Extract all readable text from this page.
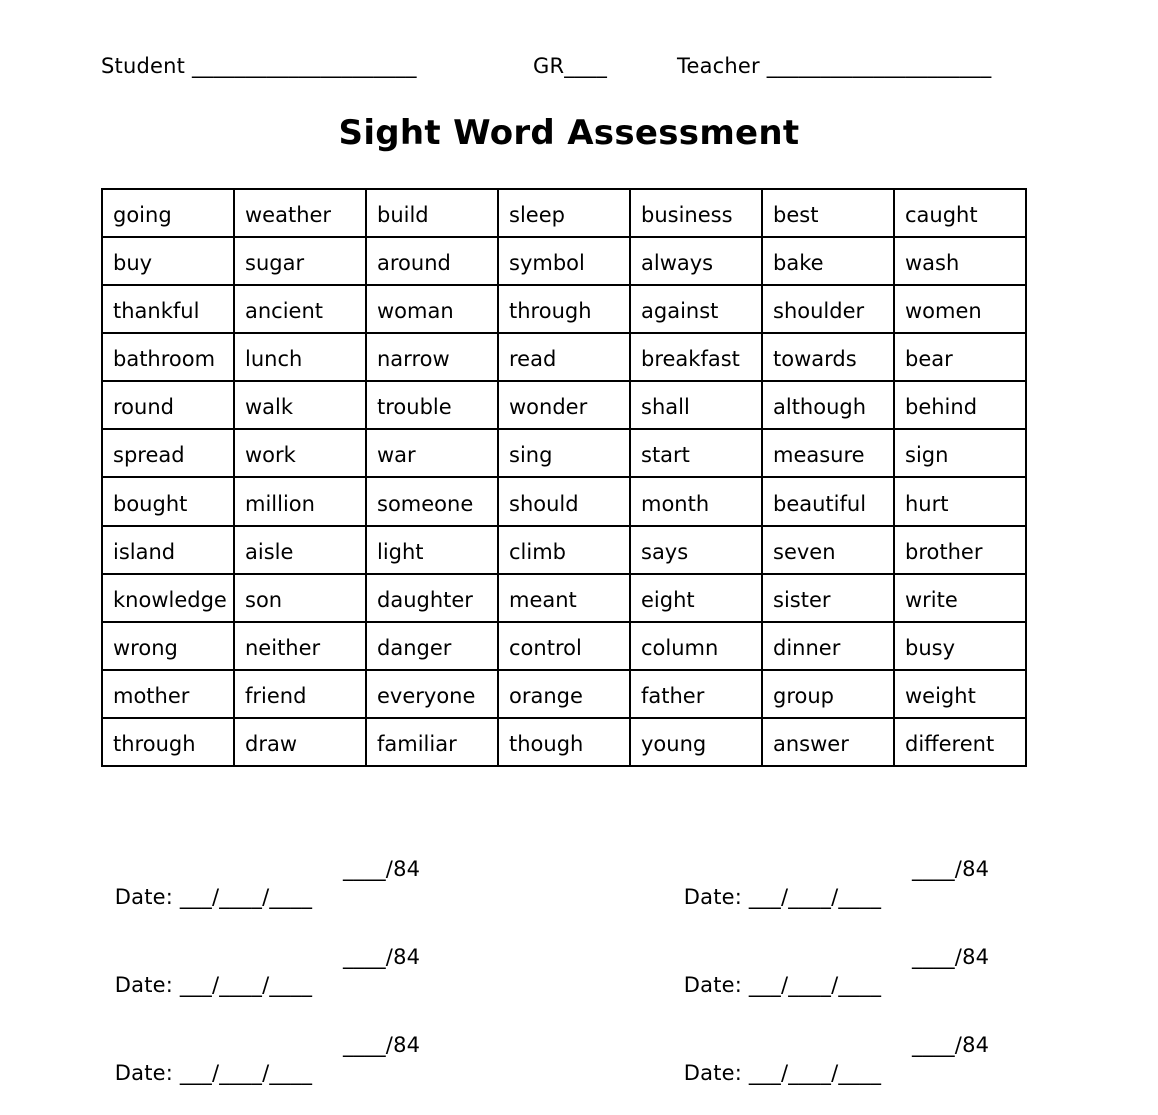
Student _____________________	GR____	Teacher _____________________
Sight Word Assessment
going	weather	build	sleep	business	best	caught
buy	sugar	around	symbol	always	bake	wash
thankful	ancient	woman	through	against	shoulder	women
bathroom	lunch	narrow	read	breakfast	towards	bear
round	walk	trouble	wonder	shall	although	behind
spread	work	war	sing	start	measure	sign
bought	million	someone	should	month	beautiful	hurt
island	aisle	light	climb	says	seven	brother
knowledge	son	daughter	meant	eight	sister	write
wrong	neither	danger	control	column	dinner	busy
mother	friend	everyone	orange	father	group	weight
through	draw	familiar	though	young	answer	different

Date: ___/____/____

____/84

Date: ___/____/____

____/84

Date: ___/____/____

____/84

Date: ___/____/____

____/84

Date: ___/____/____

____/84

Date: ___/____/____

____/84
